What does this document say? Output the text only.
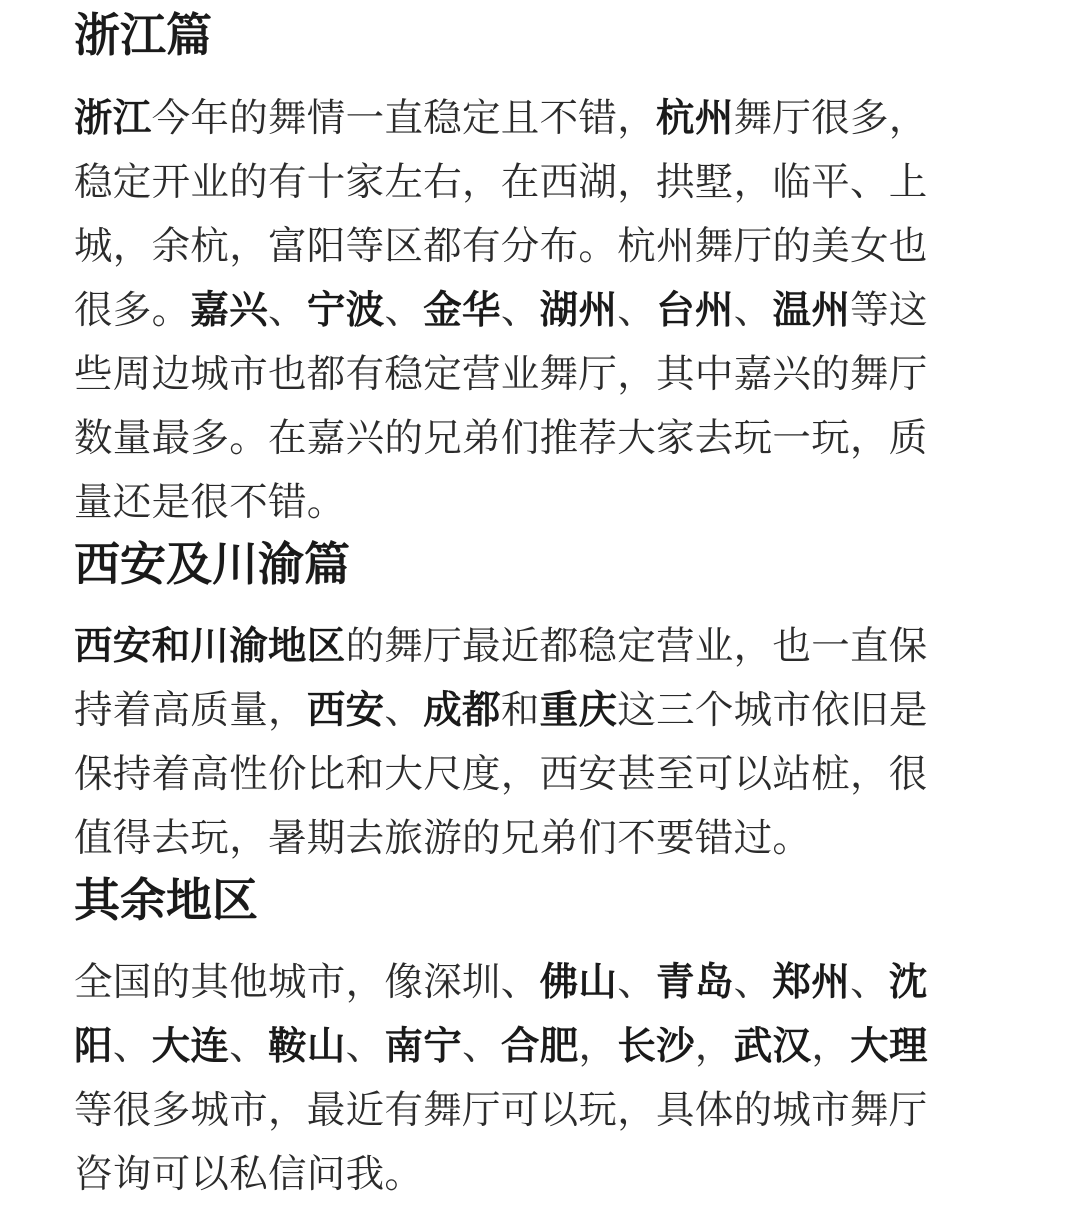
浙江篇
浙江今年的舞情一直稳定且不错，杭州舞厅很多，
稳定开业的有十家左右，在西湖，拱墅，临平、上
城，余杭，富阳等区都有分布。杭州舞厅的美女也
很多。嘉兴、宁波、金华、湖州、台州、温州等这
些周边城市也都有稳定营业舞厅，其中嘉兴的舞厅
数量最多。在嘉兴的兄弟们推荐大家去玩一玩，质
量还是很不错。
西安及川渝篇
西安和川渝地区的舞厅最近都稳定营业，也一直保
持着高质量，西安、成都和重庆这三个城市依旧是
保持着高性价比和大尺度，西安甚至可以站桩，很
值得去玩，暑期去旅游的兄弟们不要错过。
其余地区
全国的其他城市，像深圳、佛山、青岛、郑州、沈
阳、大连、鞍山、南宁、合肥，长沙，武汉，大理
等很多城市，最近有舞厅可以玩，具体的城市舞厅
咨询可以私信问我。
